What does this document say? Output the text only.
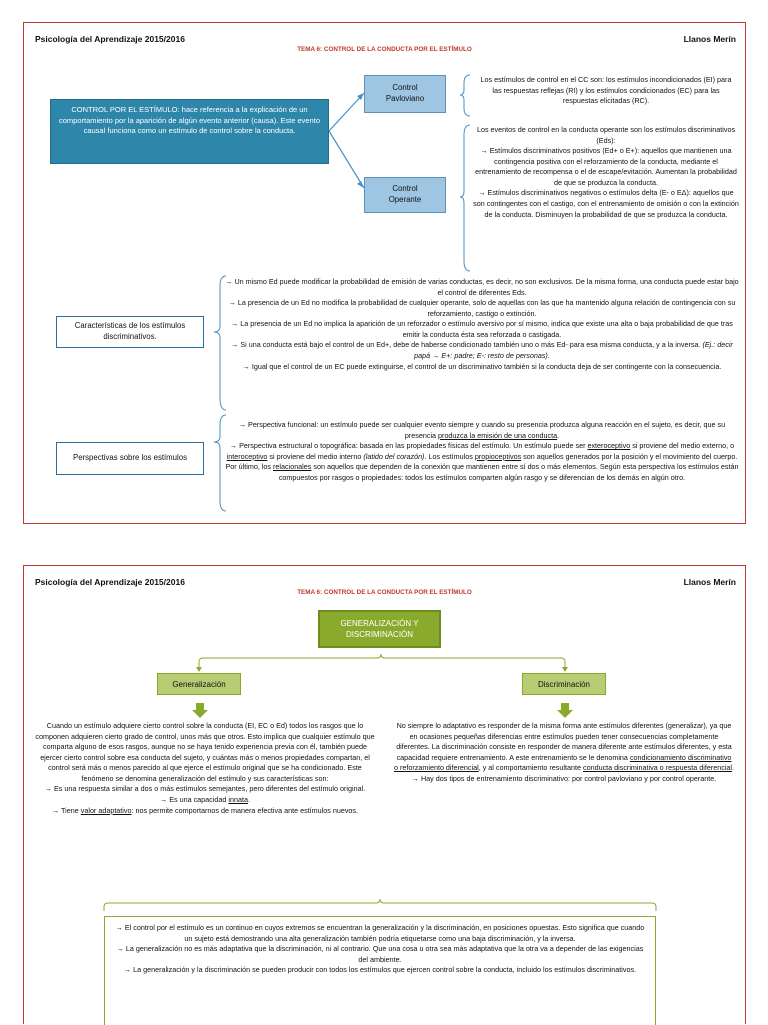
Psicología del Aprendizaje 2015/2016	Llanos Merín
TEMA 6: CONTROL DE LA CONDUCTA POR EL ESTÍMULO
CONTROL POR EL ESTÍMULO: hace referencia a la explicación de un comportamiento por la aparición de algún evento anterior (causa). Este evento causal funciona como un estímulo de control sobre la conducta.
Control Pavloviano
Los estímulos de control en el CC son: los estímulos incondicionados (EI) para las respuestas reflejas (RI) y los estímulos condicionados (EC) para las respuestas elicitadas (RC).
Control Operante
Los eventos de control en la conducta operante son los estímulos discriminativos (Eds):
→ Estímulos discriminativos positivos (Ed+ o E+): aquellos que mantienen una contingencia positiva con el reforzamiento de la conducta, mediante el entrenamiento de recompensa o el de escape/evitación. Aumentan la probabilidad de que se produzca la conducta.
→ Estímulos discriminativos negativos o estímulos delta (E- o EΔ): aquellos que son contingentes con el castigo, con el entrenamiento de omisión o con la extinción de la conducta. Disminuyen la probabilidad de que se produzca la conducta.
Características de los estímulos discriminativos.
→ Un mismo Ed puede modificar la probabilidad de emisión de varias conductas, es decir, no son exclusivos. De la misma forma, una conducta puede estar bajo el control de diferentes Eds.
→ La presencia de un Ed no modifica la probabilidad de cualquier operante, solo de aquellas con las que ha mantenido alguna relación de contingencia con su reforzamiento, castigo o extinción.
→ La presencia de un Ed no implica la aparición de un reforzador o estímulo aversivo por sí mismo, indica que existe una alta o baja probabilidad de que tras emitir la conducta ésta sea reforzada o castigada.
→ Si una conducta está bajo el control de un Ed+, debe de haberse condicionado también uno o más Ed- para esa misma conducta, y a la inversa. (Ej.: decir papá → E+: padre; E-: resto de personas).
→ Igual que el control de un EC puede extinguirse, el control de un discriminativo también si la conducta deja de ser contingente con la consecuencia.
Perspectivas sobre los estímulos
→ Perspectiva funcional: un estímulo puede ser cualquier evento siempre y cuando su presencia produzca alguna reacción en el sujeto, es decir, que su presencia produzca la emisión de una conducta.
→ Perspectiva estructural o topográfica: basada en las propiedades físicas del estímulo. Un estímulo puede ser exteroceptivo si proviene del medio externo, o interoceptivo si proviene del medio interno (latido del corazón). Los estímulos propioceptivos son aquellos generados por la posición y el movimiento del cuerpo. Por último, los relacionales son aquellos que dependen de la conexión que mantienen entre sí dos o más elementos. Según esta perspectiva los estímulos están compuestos por rasgos o propiedades: todos los estímulos comparten algún rasgo y se diferencian de los demás en algún otro.
Psicología del Aprendizaje 2015/2016	Llanos Merín
TEMA 6: CONTROL DE LA CONDUCTA POR EL ESTÍMULO
GENERALIZACIÓN Y DISCRIMINACIÓN
Generalización	Discriminación
Cuando un estímulo adquiere cierto control sobre la conducta (EI, EC o Ed) todos los rasgos que lo componen adquieren cierto grado de control, unos más que otros. Esto implica que cualquier estímulo que comparta alguno de esos rasgos, aunque no se haya tenido experiencia previa con él, también puede ejercer cierto control sobre esa conducta del sujeto, y cuántas más o menos propiedades compartan, el control será más o menos parecido al que ejerce el estímulo original que se ha condicionado. Este fenómeno se denomina generalización del estímulo y sus características son:
→ Es una respuesta similar a dos o más estímulos semejantes, pero diferentes del estímulo original.
→ Es una capacidad innata.
→ Tiene valor adaptativo: nos permite comportarnos de manera efectiva ante estímulos nuevos.
No siempre lo adaptativo es responder de la misma forma ante estímulos diferentes (generalizar), ya que en ocasiones pequeñas diferencias entre estímulos pueden tener consecuencias completamente diferentes. La discriminación consiste en responder de manera diferente ante estímulos diferentes, y esta capacidad requiere entrenamiento. A este entrenamiento se le denomina condicionamiento discriminativo o reforzamiento diferencial, y al comportamiento resultante conducta discriminativa o respuesta diferencial.
→ Hay dos tipos de entrenamiento discriminativo: por control pavloviano y por control operante.
→ El control por el estímulo es un continuo en cuyos extremos se encuentran la generalización y la discriminación, en posiciones opuestas. Esto significa que cuando un sujeto está demostrando una alta generalización también podría etiquetarse como una baja discriminación, y la inversa.
→ La generalización no es más adaptativa que la discriminación, ni al contrario. Que una cosa u otra sea más adaptativa que la otra va a depender de las exigencias del ambiente.
→ La generalización y la discriminación se pueden producir con todos los estímulos que ejercen control sobre la conducta, incluido los estímulos discriminativos.
